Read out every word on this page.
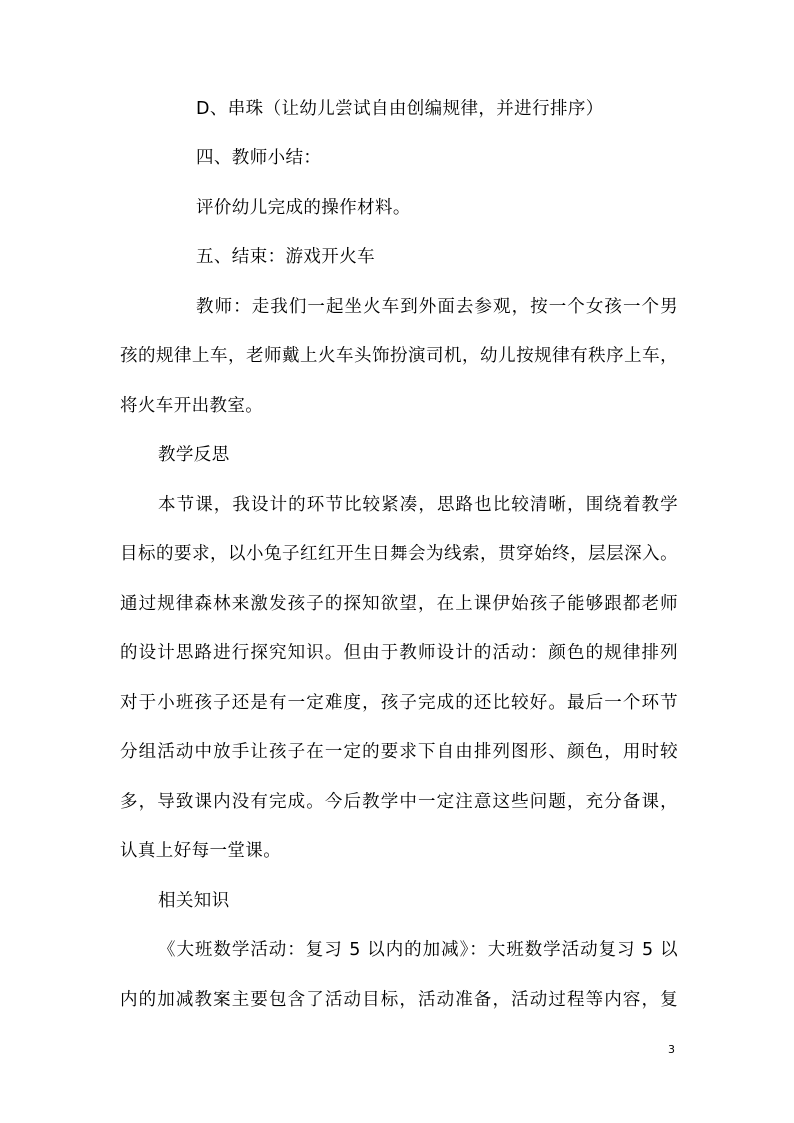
D、串珠（让幼儿尝试自由创编规律，并进行排序）
四、教师小结：
评价幼儿完成的操作材料。
五、结束：游戏开火车
教师：走我们一起坐火车到外面去参观，按一个女孩一个男
孩的规律上车，老师戴上火车头饰扮演司机，幼儿按规律有秩序上车，
将火车开出教室。
教学反思
本节课，我设计的环节比较紧凑，思路也比较清晰，围绕着教学
目标的要求，以小兔子红红开生日舞会为线索，贯穿始终，层层深入。
通过规律森林来激发孩子的探知欲望，在上课伊始孩子能够跟都老师
的设计思路进行探究知识。但由于教师设计的活动：颜色的规律排列
对于小班孩子还是有一定难度，孩子完成的还比较好。最后一个环节
分组活动中放手让孩子在一定的要求下自由排列图形、颜色，用时较
多，导致课内没有完成。今后教学中一定注意这些问题，充分备课，
认真上好每一堂课。
相关知识
《大班数学活动：复习 5 以内的加减》：大班数学活动复习 5 以
内的加减教案主要包含了活动目标，活动准备，活动过程等内容，复
3
